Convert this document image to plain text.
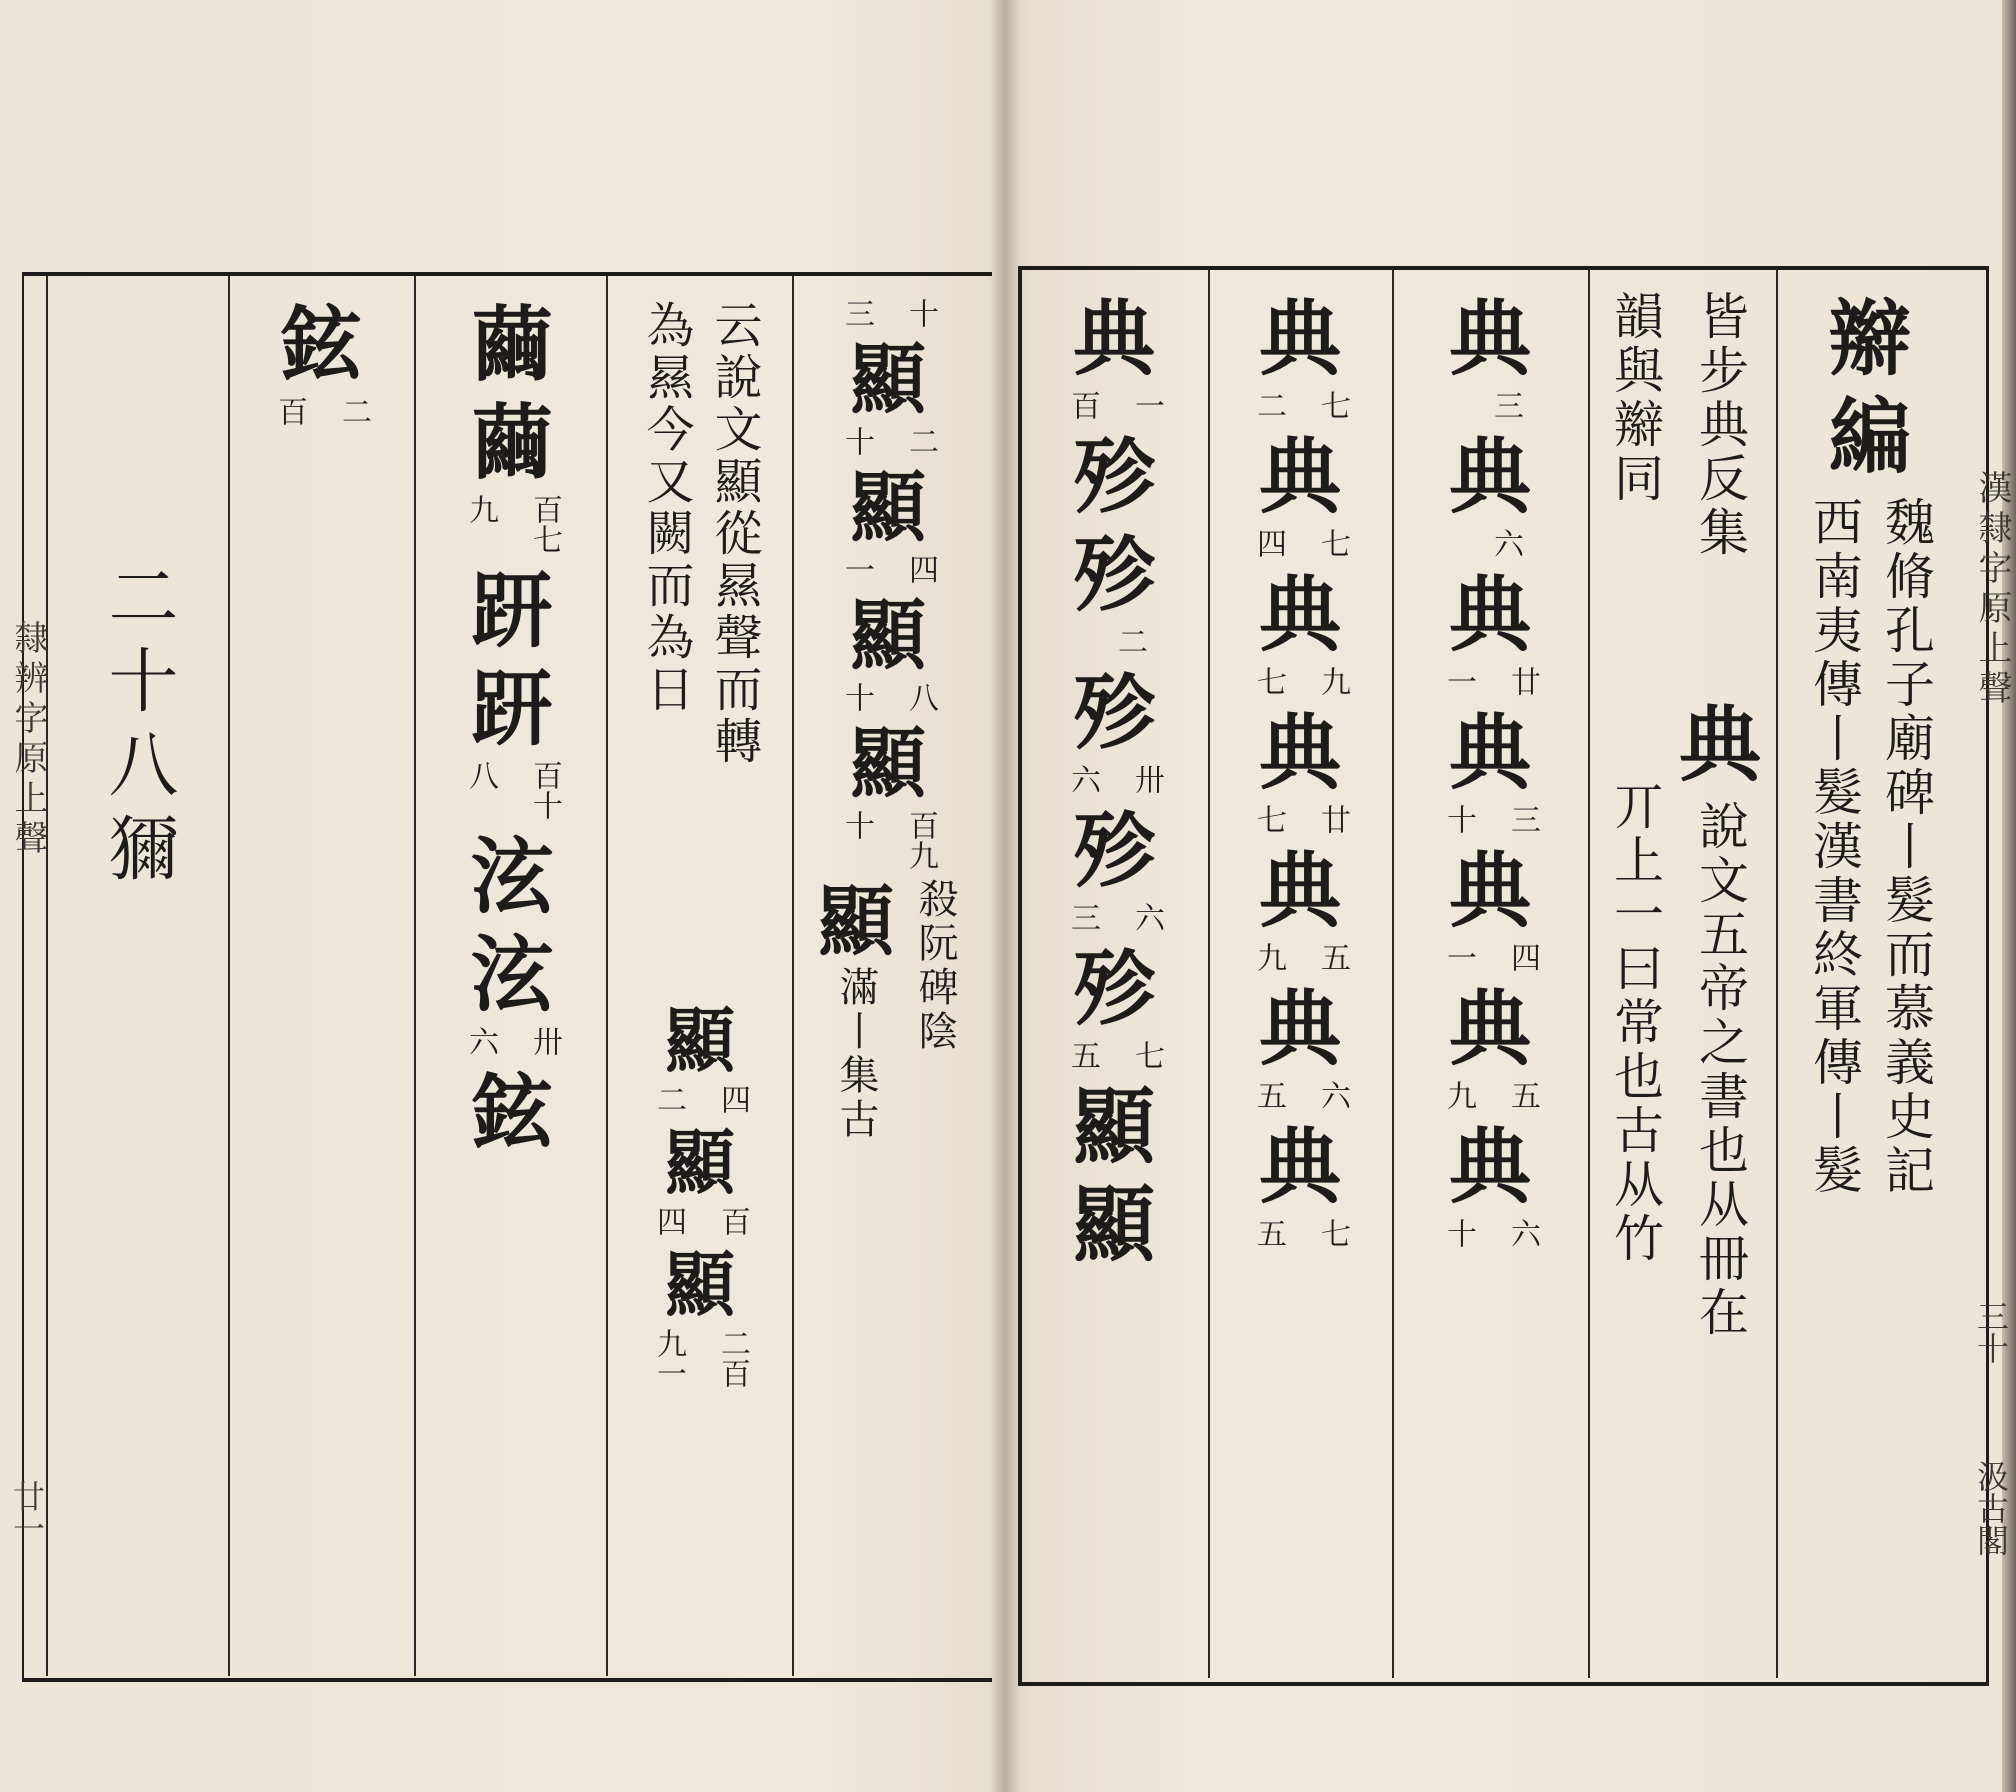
隸辨字原上聲
廿一
二十八獮
鉉
百 二
繭
繭
九 百七
趼
趼
八 百十
泫
泫
六 卅
鉉
云說文顯從㬎聲而轉
為㬎今又闕而為日
顯
二 四
顯
四 百
顯
九一 二百
三 十
顯
十 二
顯
一 四
顯
十 八
顯
十 百九
顯
滿丨集古 殺阮碑陰
漢隸字原上聲
三十
汲古閣
典
百 一
殄
殄
二
殄
六 卅
殄
三 六
殄
五 七
顯
顯
典
二 七
典
四 七
典
七 九
典
七 廿
典
九 五
典
五 六
典
五 七
典
三
典
六
典
一 廿
典
十 三
典
一 四
典
九 五
典
十 六
皆步典反集
典
說文五帝之書也从冊在
韻與辮同
丌上一曰常也古从竹
辮
編
魏脩孔子廟碑丨髮而慕義史記
西南夷傳丨髮漢書終軍傳丨髮
